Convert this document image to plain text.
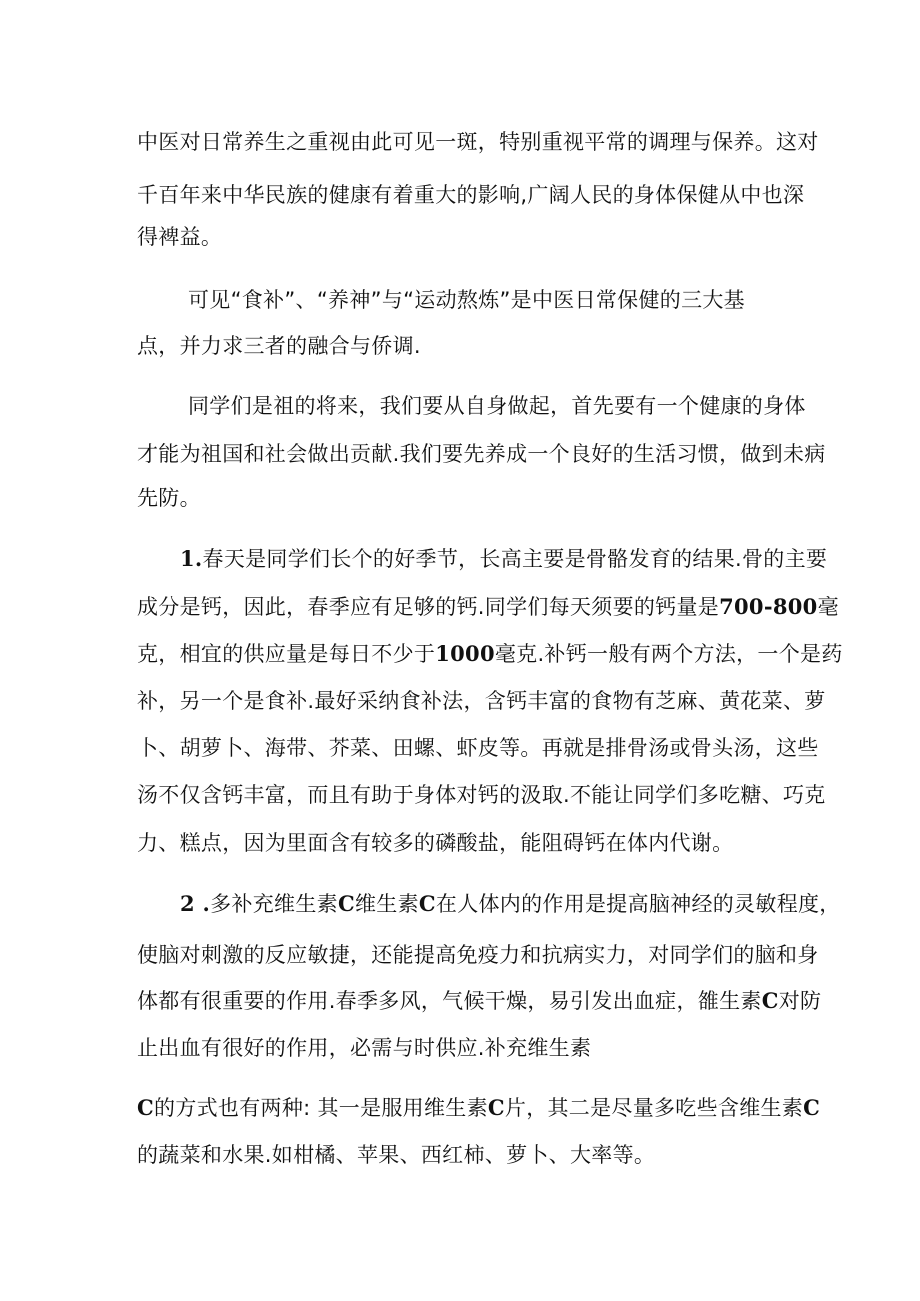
中医对日常养生之重视由此可见一斑，特别重视平常的调理与保养。这对
千百年来中华民族的健康有着重大的影响,广阔人民的身体保健从中也深
得裨益。
可见“食补”、“养神”与“运动熬炼”是中医日常保健的三大基
点，并力求三者的融合与侨调.
同学们是祖的将来，我们要从自身做起，首先要有一个健康的身体
才能为祖国和社会做出贡献.我们要先养成一个良好的生活习惯，做到未病
先防。
1.春天是同学们长个的好季节，长高主要是骨骼发育的结果.骨的主要
成分是钙，因此，春季应有足够的钙.同学们每天须要的钙量是700-800毫
克，相宜的供应量是每日不少于1000毫克.补钙一般有两个方法，一个是药
补，另一个是食补.最好采纳食补法，含钙丰富的食物有芝麻、黄花菜、萝
卜、胡萝卜、海带、芥菜、田螺、虾皮等。再就是排骨汤或骨头汤，这些
汤不仅含钙丰富，而且有助于身体对钙的汲取.不能让同学们多吃糖、巧克
力、糕点，因为里面含有较多的磷酸盐，能阻碍钙在体内代谢。
2 .多补充维生素C维生素C在人体内的作用是提高脑神经的灵敏程度，
使脑对刺激的反应敏捷，还能提高免疫力和抗病实力，对同学们的脑和身
体都有很重要的作用.春季多风，气候干燥，易引发出血症，雒生素C对防
止出血有很好的作用，必需与时供应.补充维生素
C的方式也有两种: 其一是服用维生素C片，其二是尽量多吃些含维生素C
的蔬菜和水果.如柑橘、苹果、西红柿、萝卜、大率等。
